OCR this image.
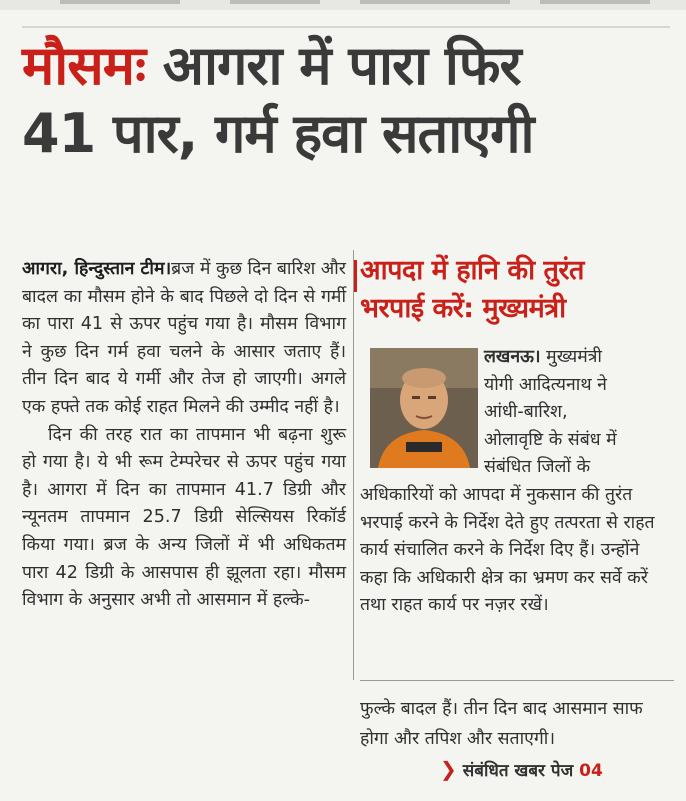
मौसमः आगरा में पारा फिर
41 पार, गर्म हवा सताएगी

आगरा, हिन्दुस्तान टीम।ब्रज में कुछ दिन बारिश और बादल का मौसम होने के बाद पिछले दो दिन से गर्मी का पारा 41 से ऊपर पहुंच गया है। मौसम विभाग ने कुछ दिन गर्म हवा चलने के आसार जताए हैं। तीन दिन बाद ये गर्मी और तेज हो जाएगी। अगले एक हफ्ते तक कोई राहत मिलने की उम्मीद नहीं है।

दिन की तरह रात का तापमान भी बढ़ना शुरू हो गया है। ये भी रूम टेम्परेचर से ऊपर पहुंच गया है। आगरा में दिन का तापमान 41.7 डिग्री और न्यूनतम तापमान 25.7 डिग्री सेल्सियस रिकॉर्ड किया गया। ब्रज के अन्य जिलों में भी अधिकतम पारा 42 डिग्री के आसपास ही झूलता रहा। मौसम विभाग के अनुसार अभी तो आसमान में हल्के-

आपदा में हानि की तुरंत
भरपाई करें: मुख्यमंत्री
लखनऊ। मुख्यमंत्री
योगी आदित्यनाथ ने
आंधी-बारिश,
ओलावृष्टि के संबंध में
संबंधित जिलों के

अधिकारियों को आपदा में नुकसान की तुरंत भरपाई करने के निर्देश देते हुए तत्परता से राहत कार्य संचालित करने के निर्देश दिए हैं। उन्होंने कहा कि अधिकारी क्षेत्र का भ्रमण कर सर्वे करें तथा राहत कार्य पर नज़र रखें।

फुल्के बादल हैं। तीन दिन बाद आसमान साफ होगा और तपिश और सताएगी।

❯ संबंधित खबर पेज 04
